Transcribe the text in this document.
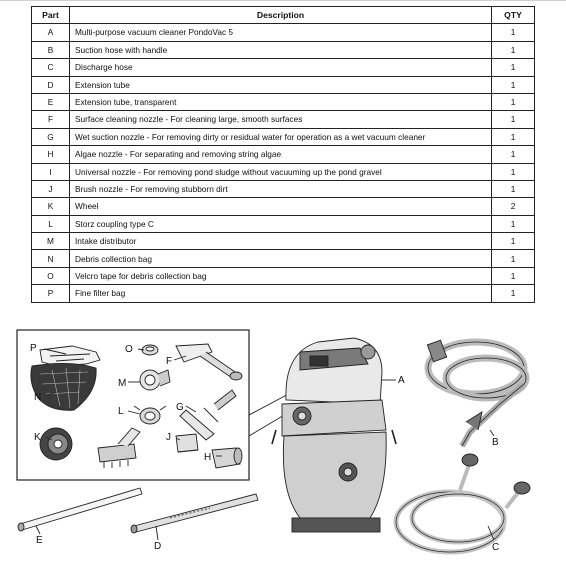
Part	Description	QTY
A	Multi-purpose vacuum cleaner PondoVac 5	1
B	Suction hose with handle	1
C	Discharge hose	1
D	Extension tube	1
E	Extension tube, transparent	1
F	Surface cleaning nozzle - For cleaning large, smooth surfaces	1
G	Wet suction nozzle - For removing dirty or residual water for operation as a wet vacuum cleaner	1
H	Algae nozzle - For separating and removing string algae	1
I	Universal nozzle - For removing pond sludge without vacuuming up the pond gravel	1
J	Brush nozzle - For removing stubborn dirt	1
K	Wheel	2
L	Storz coupling type C	1
M	Intake distributor	1
N	Debris collection bag	1
O	Velcro tape for debris collection bag	1
P	Fine filter bag	1
P	O
F
M
N
L	G
K	J
H
A
B
C
D
E
